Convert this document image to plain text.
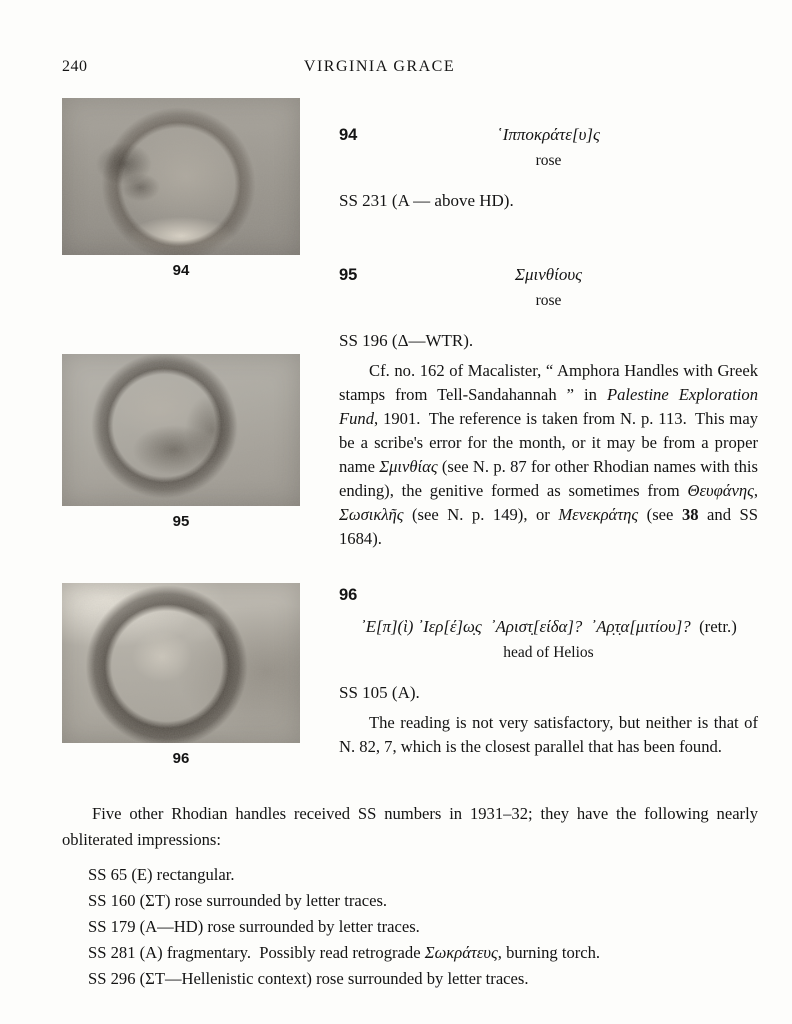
240	VIRGINIA GRACE
94
95
96
94	῾Ιπποκράτε[υ]ς
rose
SS 231 (A — above HD).
95	Σμινθίους
rose
SS 196 (Δ—WTR).

Cf. no. 162 of Macalister, “ Amphora Handles with Greek stamps from Tell-Sandahannah ” in Palestine Exploration Fund, 1901. The reference is taken from N. p. 113. This may be a scribe's error for the month, or it may be from a proper name Σμινθίας (see N. p. 87 for other Rhodian names with this ending), the genitive formed as sometimes from Θευφάνης, Σωσικλῆς (see N. p. 149), or Μενεκράτης (see 38 and SS 1684).

96
᾿Ε[π](ὶ) ᾿Ιερ[έ]ω̣ς ᾿Αριστ̣[είδα]? ᾿Αρ̣τ̣α[μιτίου]? (retr.)
head of Helios
SS 105 (A).

The reading is not very satisfactory, but neither is that of N. 82, 7, which is the closest parallel that has been found.

Five other Rhodian handles received SS numbers in 1931–32; they have the following nearly obliterated impressions:

SS 65 (E) rectangular.

SS 160 (ΣΤ) rose surrounded by letter traces.

SS 179 (A—HD) rose surrounded by letter traces.

SS 281 (A) fragmentary. Possibly read retrograde Σωκράτευς, burning torch.

SS 296 (ΣΤ—Hellenistic context) rose surrounded by letter traces.
